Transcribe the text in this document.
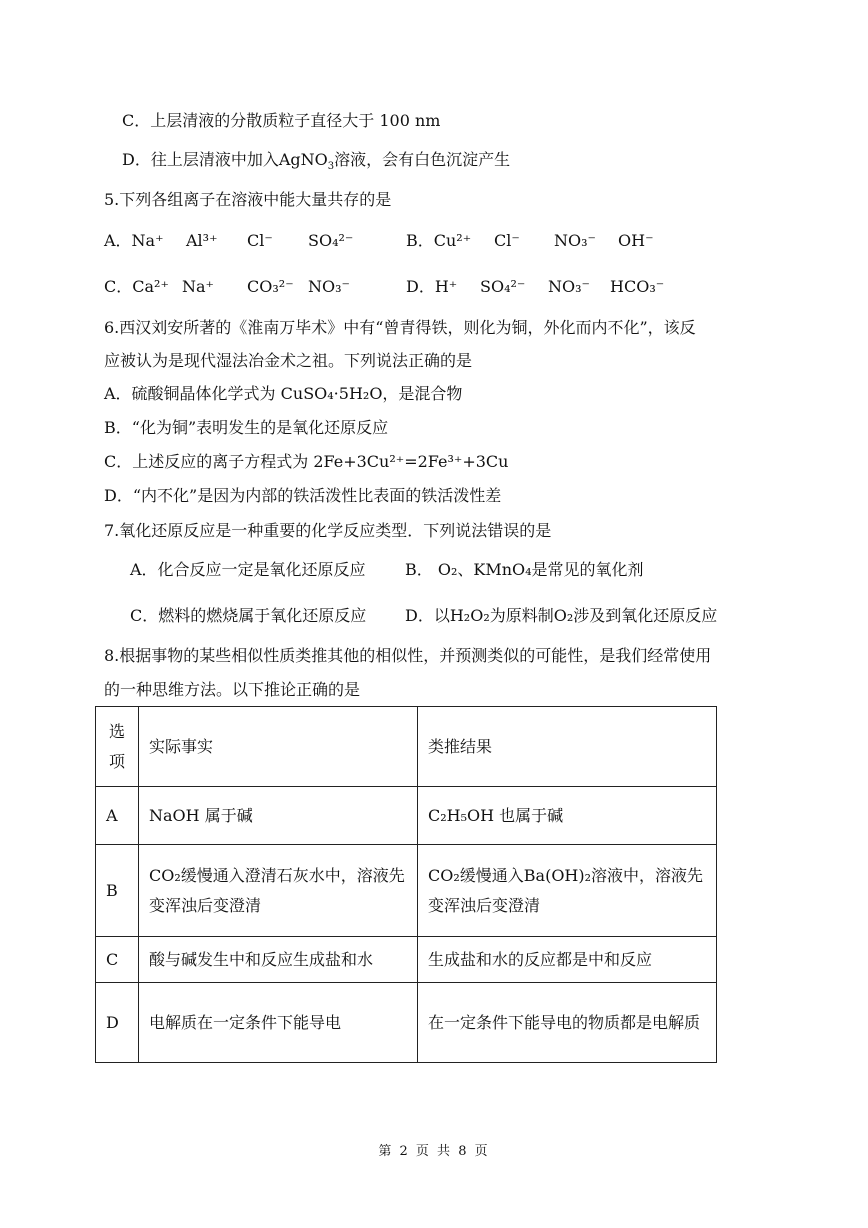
C．上层清液的分散质粒子直径大于 100 nm
D．往上层清液中加入AgNO$_3$溶液，会有白色沉淀产生
5.下列各组离子在溶液中能大量共存的是
A．Na⁺ Al³⁺ Cl⁻ SO₄²⁻	B．Cu²⁺ Cl⁻ NO₃⁻ OH⁻
C．Ca²⁺ Na⁺ CO₃²⁻ NO₃⁻	D．H⁺ SO₄²⁻ NO₃⁻ HCO₃⁻
6.西汉刘安所著的《淮南万毕术》中有“曾青得铁，则化为铜，外化而内不化”，该反
应被认为是现代湿法冶金术之祖。下列说法正确的是
A．硫酸铜晶体化学式为 CuSO₄·5H₂O，是混合物
B．“化为铜”表明发生的是氧化还原反应
C．上述反应的离子方程式为 2Fe+3Cu²⁺=2Fe³⁺+3Cu
D．“内不化”是因为内部的铁活泼性比表面的铁活泼性差
7.氧化还原反应是一种重要的化学反应类型．下列说法错误的是
A．化合反应一定是氧化还原反应 B． O₂、KMnO₄是常见的氧化剂
C．燃料的燃烧属于氧化还原反应 D．以H₂O₂为原料制O₂涉及到氧化还原反应
8.根据事物的某些相似性质类推其他的相似性，并预测类似的可能性，是我们经常使用
的一种思维方法。以下推论正确的是
选项	实际事实	类推结果
A	NaOH 属于碱	C₂H₅OH 也属于碱
B	CO₂缓慢通入澄清石灰水中，溶液先变浑浊后变澄清	CO₂缓慢通入Ba(OH)₂溶液中，溶液先变浑浊后变澄清
C	酸与碱发生中和反应生成盐和水	生成盐和水的反应都是中和反应
D	电解质在一定条件下能导电	在一定条件下能导电的物质都是电解质
第 2 页 共 8 页
